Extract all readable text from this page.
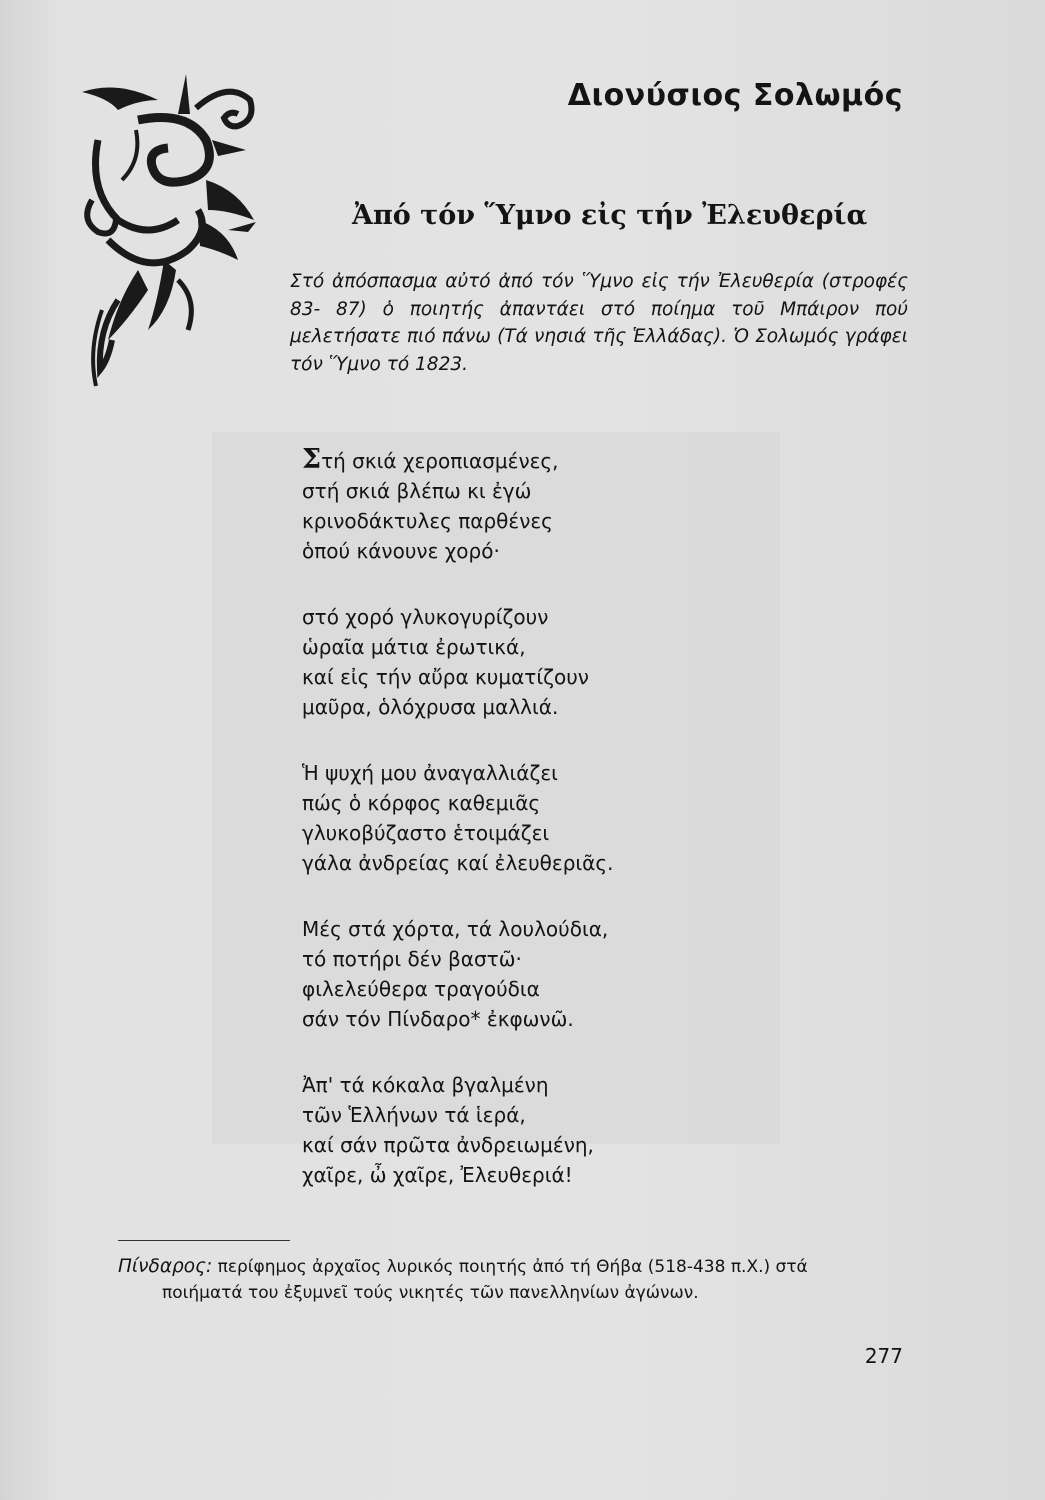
Διονύσιος Σολωμός
Ἀπό τόν Ὕμνο εἰς τήν Ἐλευθερία
Στό ἀπόσπασμα αὐτό ἀπό τόν Ὕμνο εἰς τήν Ἐλευθερία (στροφές 83- 87) ὁ ποιητής ἀπαντάει στό ποίημα τοῦ Μπάιρον πού μελετήσατε πιό πάνω (Τά νησιά τῆς Ἑλλάδας). Ὁ Σολωμός γράφει τόν Ὕμνο τό 1823.
Στή σκιά χεροπιασμένες,
στή σκιά βλέπω κι ἐγώ
κρινοδάκτυλες παρθένες
ὁπού κάνουνε χορό·
στό χορό γλυκογυρίζουν
ὡραῖα μάτια ἐρωτικά,
καί εἰς τήν αὔρα κυματίζουν
μαῦρα, ὁλόχρυσα μαλλιά.
Ἡ ψυχή μου ἀναγαλλιάζει
πώς ὁ κόρφος καθεμιᾶς
γλυκοβύζαστο ἑτοιμάζει
γάλα ἀνδρείας καί ἐλευθεριᾶς.
Μές στά χόρτα, τά λουλούδια,
τό ποτήρι δέν βαστῶ·
φιλελεύθερα τραγούδια
σάν τόν Πίνδαρο* ἐκφωνῶ.
Ἀπ' τά κόκαλα βγαλμένη
τῶν Ἑλλήνων τά ἱερά,
καί σάν πρῶτα ἀνδρειωμένη,
χαῖρε, ὦ χαῖρε, Ἐλευθεριά!
Πίνδαρος: περίφημος ἀρχαῖος λυρικός ποιητής ἀπό τή Θήβα (518-438 π.Χ.) στά
ποιήματά του ἐξυμνεῖ τούς νικητές τῶν πανελληνίων ἀγώνων.
277
